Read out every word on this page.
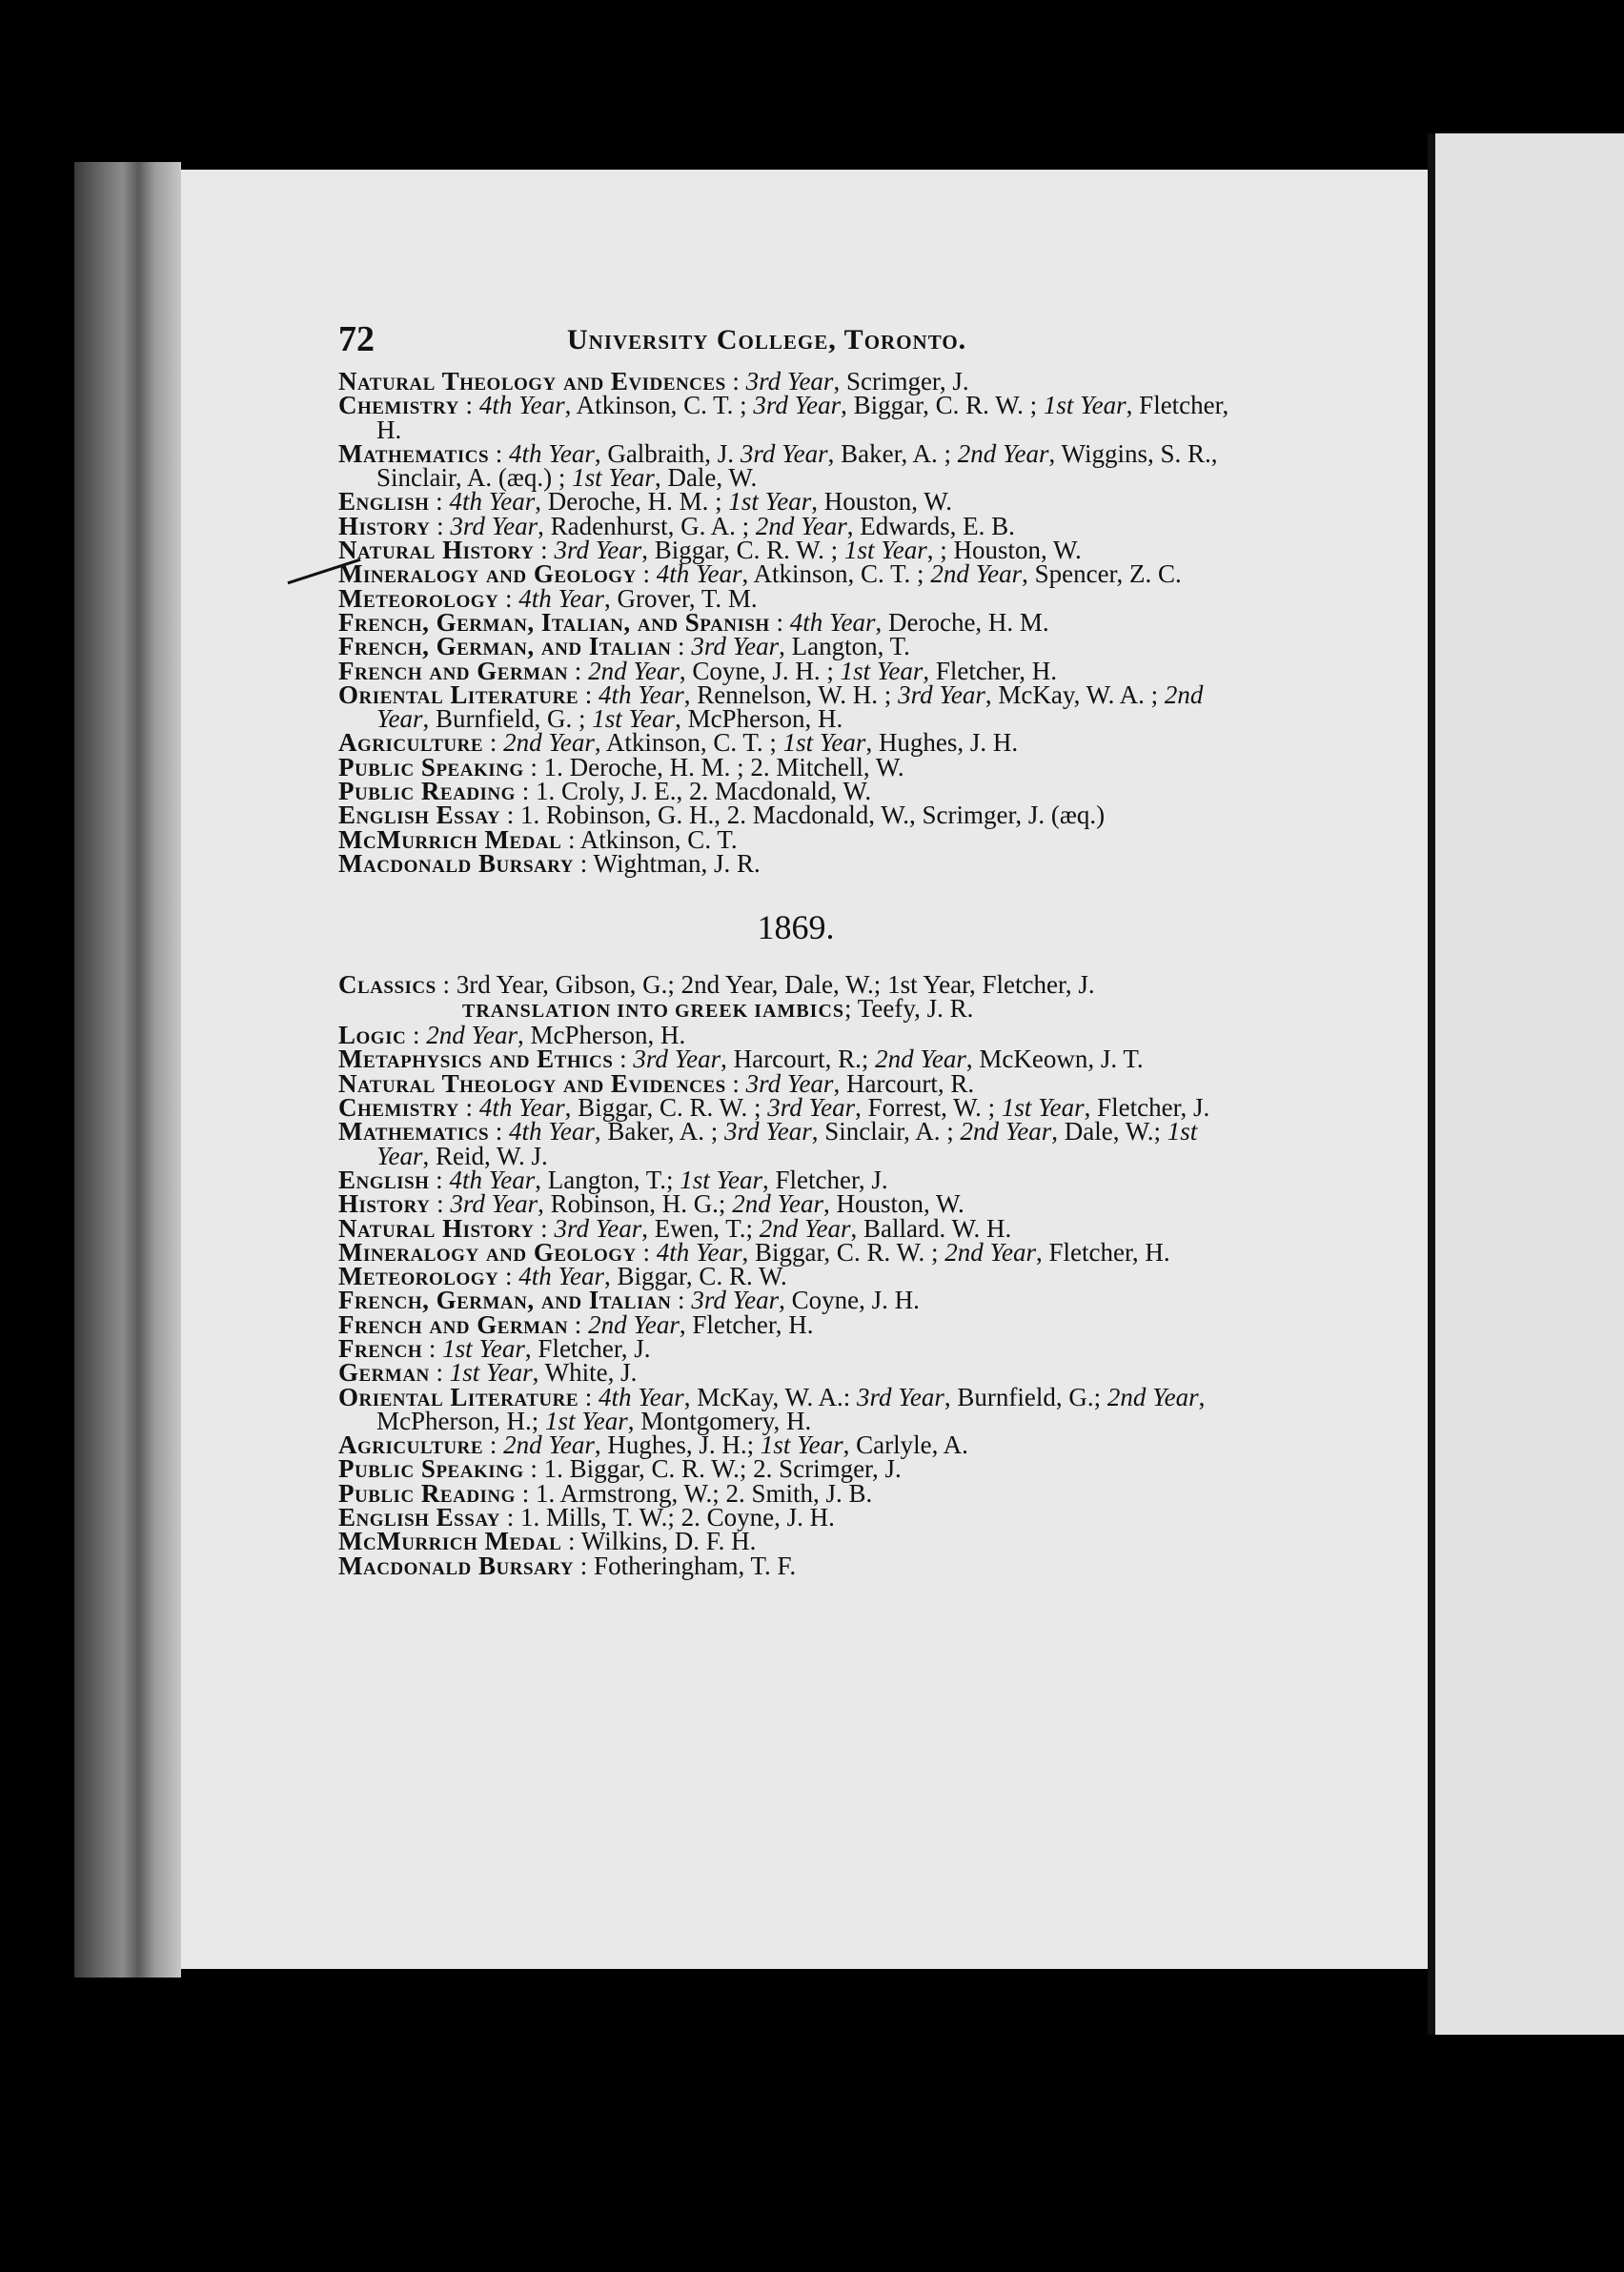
72	University College, Toronto.

Natural Theology and Evidences : 3rd Year, Scrimger, J.

Chemistry : 4th Year, Atkinson, C. T. ; 3rd Year, Biggar, C. R. W. ; 1st Year, Fletcher, H.

Mathematics : 4th Year, Galbraith, J. 3rd Year, Baker, A. ; 2nd Year, Wiggins, S. R., Sinclair, A. (æq.) ; 1st Year, Dale, W.

English : 4th Year, Deroche, H. M. ; 1st Year, Houston, W.

History : 3rd Year, Radenhurst, G. A. ; 2nd Year, Edwards, E. B.

Natural History : 3rd Year, Biggar, C. R. W. ; 1st Year, ; Houston, W.

Mineralogy and Geology : 4th Year, Atkinson, C. T. ; 2nd Year, Spencer, Z. C.

Meteorology : 4th Year, Grover, T. M.

French, German, Italian, and Spanish : 4th Year, Deroche, H. M.

French, German, and Italian : 3rd Year, Langton, T.

French and German : 2nd Year, Coyne, J. H. ; 1st Year, Fletcher, H.

Oriental Literature : 4th Year, Rennelson, W. H. ; 3rd Year, McKay, W. A. ; 2nd Year, Burnfield, G. ; 1st Year, McPherson, H.

Agriculture : 2nd Year, Atkinson, C. T. ; 1st Year, Hughes, J. H.

Public Speaking : 1. Deroche, H. M. ; 2. Mitchell, W.

Public Reading : 1. Croly, J. E., 2. Macdonald, W.

English Essay : 1. Robinson, G. H., 2. Macdonald, W., Scrimger, J. (æq.)

McMurrich Medal : Atkinson, C. T.

Macdonald Bursary : Wightman, J. R.

1869.

Classics : 3rd Year, Gibson, G.; 2nd Year, Dale, W.; 1st Year, Fletcher, J.

TRANSLATION INTO GREEK IAMBICS; Teefy, J. R.

Logic : 2nd Year, McPherson, H.

Metaphysics and Ethics : 3rd Year, Harcourt, R.; 2nd Year, McKeown, J. T.

Natural Theology and Evidences : 3rd Year, Harcourt, R.

Chemistry : 4th Year, Biggar, C. R. W. ; 3rd Year, Forrest, W. ; 1st Year, Fletcher, J.

Mathematics : 4th Year, Baker, A. ; 3rd Year, Sinclair, A. ; 2nd Year, Dale, W.; 1st Year, Reid, W. J.

English : 4th Year, Langton, T.; 1st Year, Fletcher, J.

History : 3rd Year, Robinson, H. G.; 2nd Year, Houston, W.

Natural History : 3rd Year, Ewen, T.; 2nd Year, Ballard. W. H.

Mineralogy and Geology : 4th Year, Biggar, C. R. W. ; 2nd Year, Fletcher, H.

Meteorology : 4th Year, Biggar, C. R. W.

French, German, and Italian : 3rd Year, Coyne, J. H.

French and German : 2nd Year, Fletcher, H.

French : 1st Year, Fletcher, J.

German : 1st Year, White, J.

Oriental Literature : 4th Year, McKay, W. A.: 3rd Year, Burnfield, G.; 2nd Year, McPherson, H.; 1st Year, Montgomery, H.

Agriculture : 2nd Year, Hughes, J. H.; 1st Year, Carlyle, A.

Public Speaking : 1. Biggar, C. R. W.; 2. Scrimger, J.

Public Reading : 1. Armstrong, W.; 2. Smith, J. B.

English Essay : 1. Mills, T. W.; 2. Coyne, J. H.

McMurrich Medal : Wilkins, D. F. H.

Macdonald Bursary : Fotheringham, T. F.
